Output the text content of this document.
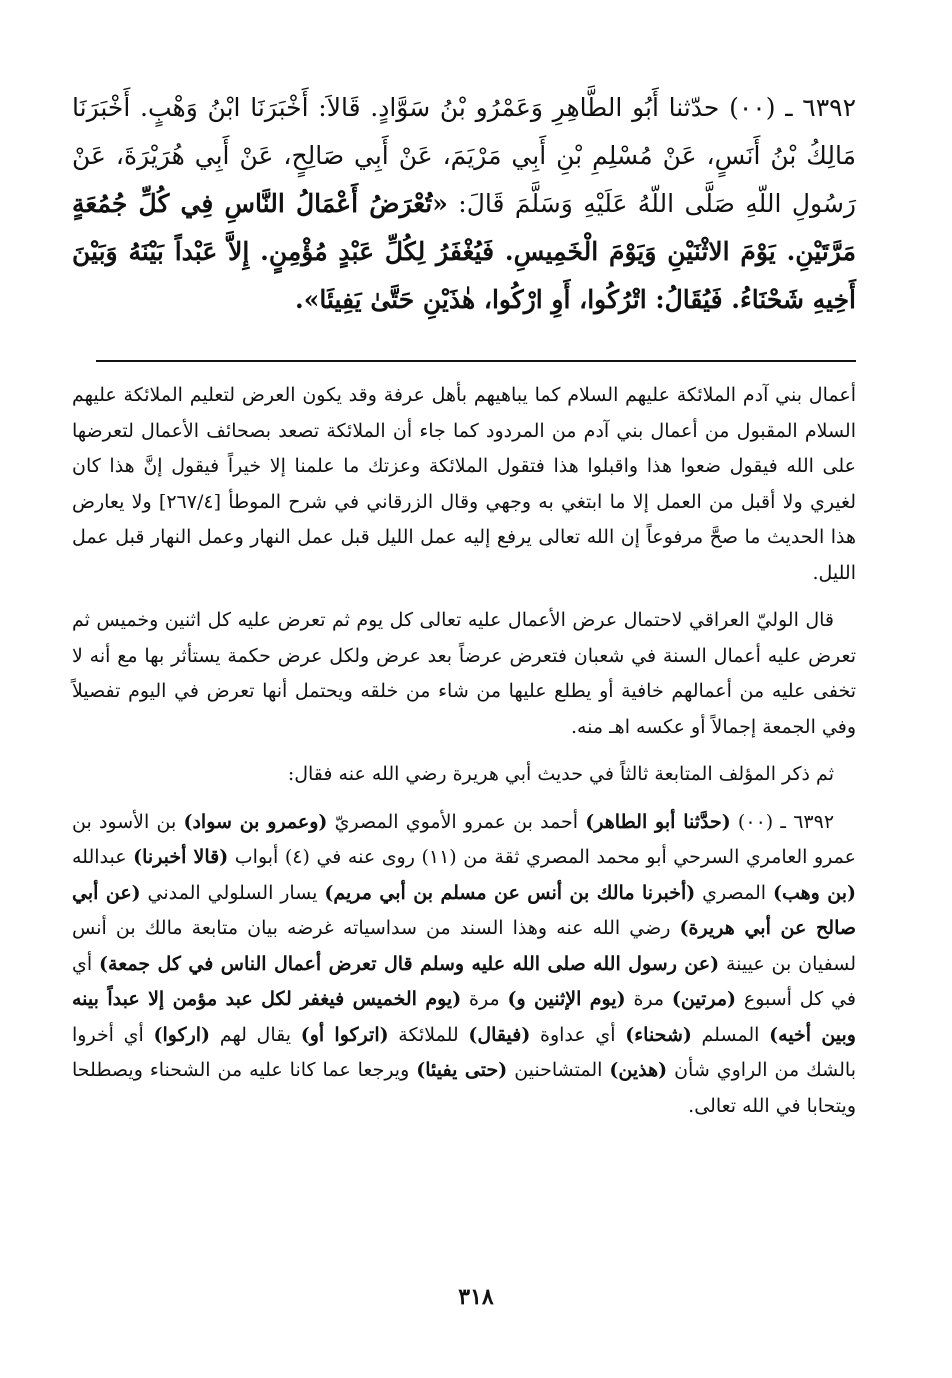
٦٣٩٢ ـ (٠٠) حدّثنا أَبُو الطَّاهِرِ وَعَمْرُو بْنُ سَوَّادٍ. قَالاَ: أَخْبَرَنَا ابْنُ وَهْبٍ. أَخْبَرَنَا مَالِكُ بْنُ أَنَسٍ، عَنْ مُسْلِمِ بْنِ أَبِي مَرْيَمَ، عَنْ أَبِي صَالِحٍ، عَنْ أَبِي هُرَيْرَةَ، عَنْ رَسُولِ اللّهِ صَلَّى اللّهُ عَلَيْهِ وَسَلَّمَ قَالَ: «تُعْرَضُ أَعْمَالُ النَّاسِ فِي كُلِّ جُمُعَةٍ مَرَّتَيْنِ. يَوْمَ الاثْنَيْنِ وَيَوْمَ الْخَمِيسِ. فَيُغْفَرُ لِكُلِّ عَبْدٍ مُؤْمِنٍ. إِلاَّ عَبْداً بَيْنَهُ وَبَيْنَ أَخِيهِ شَحْنَاءُ. فَيُقَالُ: اتْرُكُوا، أَوِ ارْكُوا، هٰذَيْنِ حَتَّىٰ يَفِيئَا».

أعمال بني آدم الملائكة عليهم السلام كما يباهيهم بأهل عرفة وقد يكون العرض لتعليم الملائكة عليهم السلام المقبول من أعمال بني آدم من المردود كما جاء أن الملائكة تصعد بصحائف الأعمال لتعرضها على الله فيقول ضعوا هذا واقبلوا هذا فتقول الملائكة وعزتك ما علمنا إلا خيراً فيقول إنَّ هذا كان لغيري ولا أقبل من العمل إلا ما ابتغي به وجهي وقال الزرقاني في شرح الموطأ [٢٦٧/٤] ولا يعارض هذا الحديث ما صحَّ مرفوعاً إن الله تعالى يرفع إليه عمل الليل قبل عمل النهار وعمل النهار قبل عمل الليل.

قال الوليّ العراقي لاحتمال عرض الأعمال عليه تعالى كل يوم ثم تعرض عليه كل اثنين وخميس ثم تعرض عليه أعمال السنة في شعبان فتعرض عرضاً بعد عرض ولكل عرض حكمة يستأثر بها مع أنه لا تخفى عليه من أعمالهم خافية أو يطلع عليها من شاء من خلقه ويحتمل أنها تعرض في اليوم تفصيلاً وفي الجمعة إجمالاً أو عكسه اهـ منه.

ثم ذكر المؤلف المتابعة ثالثاً في حديث أبي هريرة رضي الله عنه فقال:

٦٣٩٢ ـ (٠٠) (حدَّثنا أبو الطاهر) أحمد بن عمرو الأموي المصريّ (وعمرو بن سواد) بن الأسود بن عمرو العامري السرحي أبو محمد المصري ثقة من (١١) روى عنه في (٤) أبواب (قالا أخبرنا) عبدالله (بن وهب) المصري (أخبرنا مالك بن أنس عن مسلم بن أبي مريم) يسار السلولي المدني (عن أبي صالح عن أبي هريرة) رضي الله عنه وهذا السند من سداسياته غرضه بيان متابعة مالك بن أنس لسفيان بن عيينة (عن رسول الله صلى الله عليه وسلم قال تعرض أعمال الناس في كل جمعة) أي في كل أسبوع (مرتين) مرة (يوم الإثنين و) مرة (يوم الخميس فيغفر لكل عبد مؤمن إلا عبداً بينه وبين أخيه) المسلم (شحناء) أي عداوة (فيقال) للملائكة (اتركوا أو) يقال لهم (اركوا) أي أخروا بالشك من الراوي شأن (هذين) المتشاحنين (حتى يفيئا) ويرجعا عما كانا عليه من الشحناء ويصطلحا ويتحابا في الله تعالى.

٣١٨
